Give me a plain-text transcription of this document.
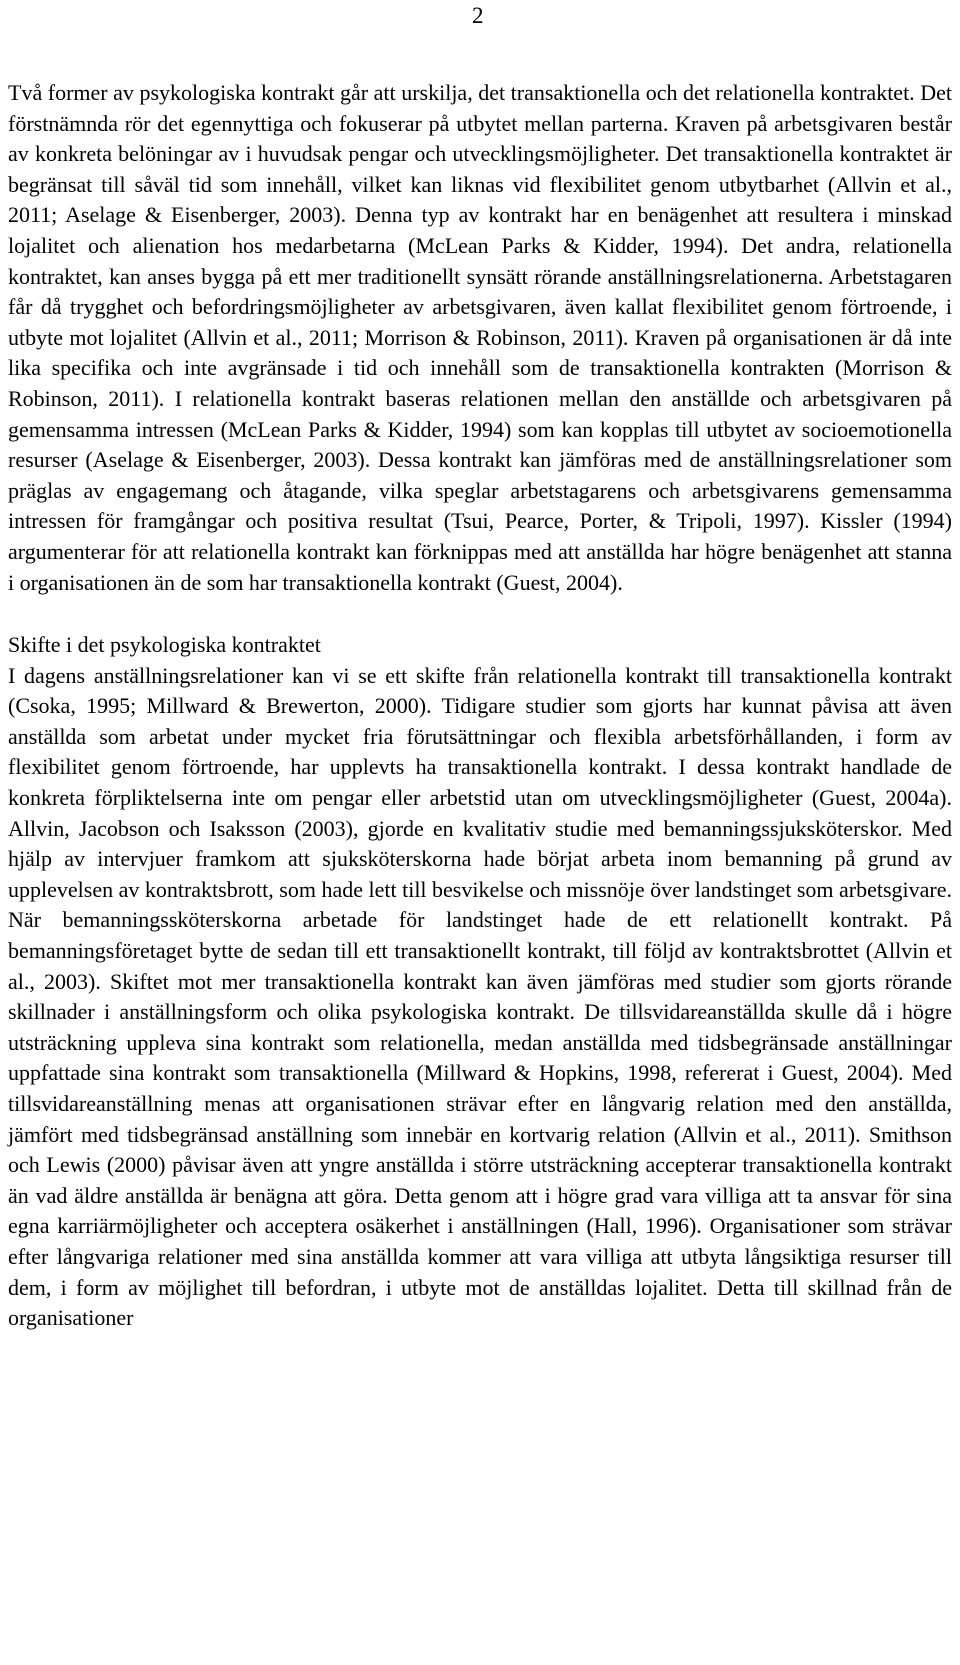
2

Två former av psykologiska kontrakt går att urskilja, det transaktionella och det relationella kontraktet. Det förstnämnda rör det egennyttiga och fokuserar på utbytet mellan parterna. Kraven på arbetsgivaren består av konkreta belöningar av i huvudsak pengar och utvecklingsmöjligheter. Det transaktionella kontraktet är begränsat till såväl tid som innehåll, vilket kan liknas vid flexibilitet genom utbytbarhet (Allvin et al., 2011; Aselage & Eisenberger, 2003). Denna typ av kontrakt har en benägenhet att resultera i minskad lojalitet och alienation hos medarbetarna (McLean Parks & Kidder, 1994). Det andra, relationella kontraktet, kan anses bygga på ett mer traditionellt synsätt rörande anställningsrelationerna. Arbetstagaren får då trygghet och befordringsmöjligheter av arbetsgivaren, även kallat flexibilitet genom förtroende, i utbyte mot lojalitet (Allvin et al., 2011; Morrison & Robinson, 2011). Kraven på organisationen är då inte lika specifika och inte avgränsade i tid och innehåll som de transaktionella kontrakten (Morrison & Robinson, 2011). I relationella kontrakt baseras relationen mellan den anställde och arbetsgivaren på gemensamma intressen (McLean Parks & Kidder, 1994) som kan kopplas till utbytet av socioemotionella resurser (Aselage & Eisenberger, 2003). Dessa kontrakt kan jämföras med de anställningsrelationer som präglas av engagemang och åtagande, vilka speglar arbetstagarens och arbetsgivarens gemensamma intressen för framgångar och positiva resultat (Tsui, Pearce, Porter, & Tripoli, 1997). Kissler (1994) argumenterar för att relationella kontrakt kan förknippas med att anställda har högre benägenhet att stanna i organisationen än de som har transaktionella kontrakt (Guest, 2004).

Skifte i det psykologiska kontraktet

I dagens anställningsrelationer kan vi se ett skifte från relationella kontrakt till transaktionella kontrakt (Csoka, 1995; Millward & Brewerton, 2000). Tidigare studier som gjorts har kunnat påvisa att även anställda som arbetat under mycket fria förutsättningar och flexibla arbetsförhållanden, i form av flexibilitet genom förtroende, har upplevts ha transaktionella kontrakt. I dessa kontrakt handlade de konkreta förpliktelserna inte om pengar eller arbetstid utan om utvecklingsmöjligheter (Guest, 2004a). Allvin, Jacobson och Isaksson (2003), gjorde en kvalitativ studie med bemanningssjuksköterskor. Med hjälp av intervjuer framkom att sjuksköterskorna hade börjat arbeta inom bemanning på grund av upplevelsen av kontraktsbrott, som hade lett till besvikelse och missnöje över landstinget som arbetsgivare. När bemanningssköterskorna arbetade för landstinget hade de ett relationellt kontrakt. På bemanningsföretaget bytte de sedan till ett transaktionellt kontrakt, till följd av kontraktsbrottet (Allvin et al., 2003). Skiftet mot mer transaktionella kontrakt kan även jämföras med studier som gjorts rörande skillnader i anställningsform och olika psykologiska kontrakt. De tillsvidareanställda skulle då i högre utsträckning uppleva sina kontrakt som relationella, medan anställda med tidsbegränsade anställningar uppfattade sina kontrakt som transaktionella (Millward & Hopkins, 1998, refererat i Guest, 2004). Med tillsvidareanställning menas att organisationen strävar efter en långvarig relation med den anställda, jämfört med tidsbegränsad anställning som innebär en kortvarig relation (Allvin et al., 2011). Smithson och Lewis (2000) påvisar även att yngre anställda i större utsträckning accepterar transaktionella kontrakt än vad äldre anställda är benägna att göra. Detta genom att i högre grad vara villiga att ta ansvar för sina egna karriärmöjligheter och acceptera osäkerhet i anställningen (Hall, 1996). Organisationer som strävar efter långvariga relationer med sina anställda kommer att vara villiga att utbyta långsiktiga resurser till dem, i form av möjlighet till befordran, i utbyte mot de anställdas lojalitet. Detta till skillnad från de organisationer
